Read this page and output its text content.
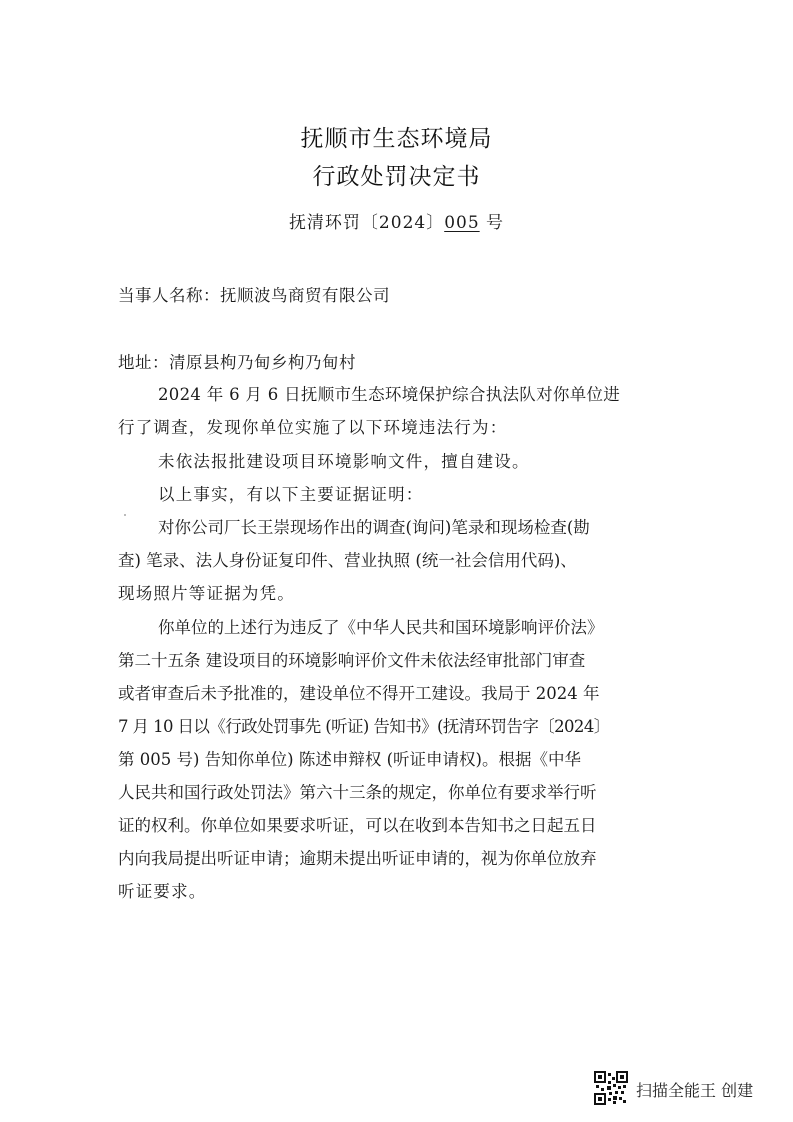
抚顺市生态环境局
行政处罚决定书
抚清环罚〔2024〕005 号
当事人名称：抚顺波鸟商贸有限公司
地址：清原县枸乃甸乡枸乃甸村
2024 年 6 月 6 日抚顺市生态环境保护综合执法队对你单位进
行了调查，发现你单位实施了以下环境违法行为：
未依法报批建设项目环境影响文件，擅自建设。
以上事实，有以下主要证据证明：
对你公司厂长王崇现场作出的调查(询问)笔录和现场检查(勘
查) 笔录、法人身份证复印件、营业执照 (统一社会信用代码)、
现场照片等证据为凭。
你单位的上述行为违反了《中华人民共和国环境影响评价法》
第二十五条 建设项目的环境影响评价文件未依法经审批部门审查
或者审查后未予批准的，建设单位不得开工建设。我局于 2024 年
7 月 10 日以《行政处罚事先 (听证) 告知书》(抚清环罚告字〔2024〕
第 005 号) 告知你单位) 陈述申辩权 (听证申请权)。根据《中华
人民共和国行政处罚法》第六十三条的规定，你单位有要求举行听
证的权利。你单位如果要求听证，可以在收到本告知书之日起五日
内向我局提出听证申请；逾期未提出听证申请的，视为你单位放弃
听证要求。
扫描全能王 创建
